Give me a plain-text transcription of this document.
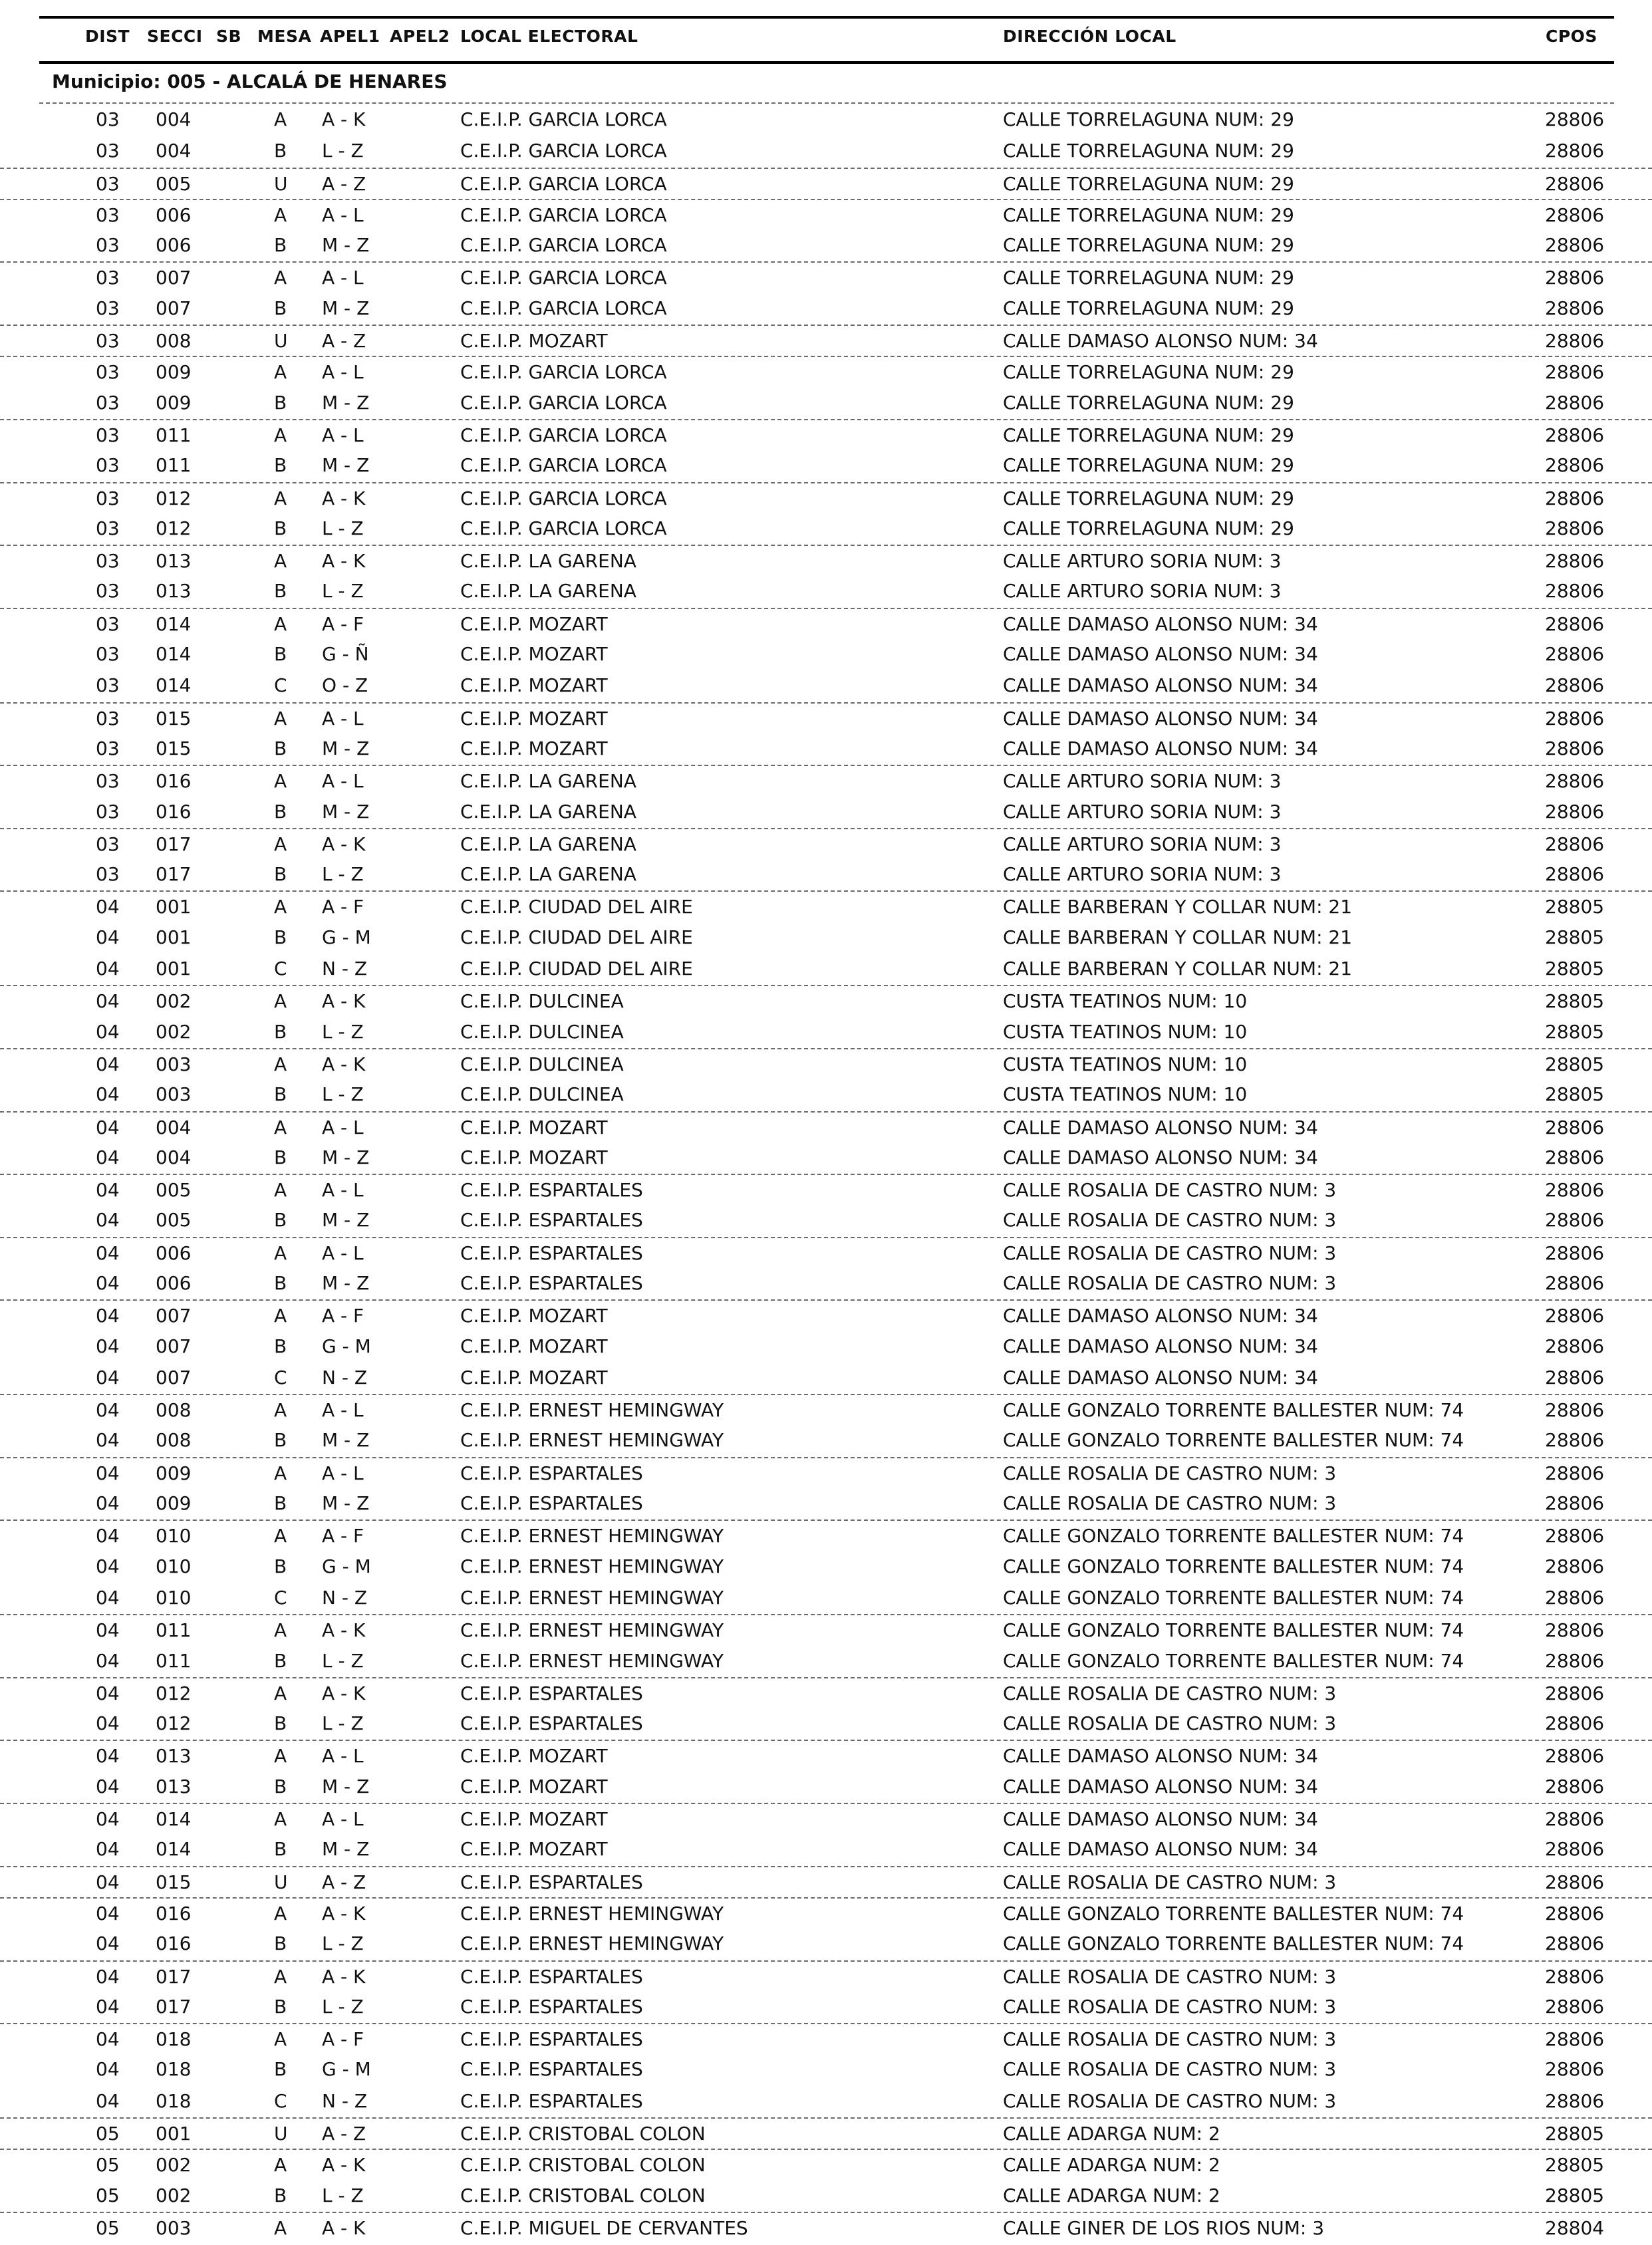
DIST SECCI SB MESA APEL1 APEL2 LOCAL ELECTORAL	DIRECCIÓN LOCAL	CPOS
Municipio: 005 - ALCALÁ DE HENARES
03 004	A A - K	C.E.I.P. GARCIA LORCA	CALLE TORRELAGUNA NUM: 29	28806
03 004	B L - Z	C.E.I.P. GARCIA LORCA	CALLE TORRELAGUNA NUM: 29	28806
03 005	U A - Z	C.E.I.P. GARCIA LORCA	CALLE TORRELAGUNA NUM: 29	28806
03 006	A A - L	C.E.I.P. GARCIA LORCA	CALLE TORRELAGUNA NUM: 29	28806
03 006	B M - Z	C.E.I.P. GARCIA LORCA	CALLE TORRELAGUNA NUM: 29	28806
03 007	A A - L	C.E.I.P. GARCIA LORCA	CALLE TORRELAGUNA NUM: 29	28806
03 007	B M - Z	C.E.I.P. GARCIA LORCA	CALLE TORRELAGUNA NUM: 29	28806
03 008	U A - Z	C.E.I.P. MOZART	CALLE DAMASO ALONSO NUM: 34	28806
03 009	A A - L	C.E.I.P. GARCIA LORCA	CALLE TORRELAGUNA NUM: 29	28806
03 009	B M - Z	C.E.I.P. GARCIA LORCA	CALLE TORRELAGUNA NUM: 29	28806
03 011	A A - L	C.E.I.P. GARCIA LORCA	CALLE TORRELAGUNA NUM: 29	28806
03 011	B M - Z	C.E.I.P. GARCIA LORCA	CALLE TORRELAGUNA NUM: 29	28806
03 012	A A - K	C.E.I.P. GARCIA LORCA	CALLE TORRELAGUNA NUM: 29	28806
03 012	B L - Z	C.E.I.P. GARCIA LORCA	CALLE TORRELAGUNA NUM: 29	28806
03 013	A A - K	C.E.I.P. LA GARENA	CALLE ARTURO SORIA NUM: 3	28806
03 013	B L - Z	C.E.I.P. LA GARENA	CALLE ARTURO SORIA NUM: 3	28806
03 014	A A - F	C.E.I.P. MOZART	CALLE DAMASO ALONSO NUM: 34	28806
03 014	B G - Ñ	C.E.I.P. MOZART	CALLE DAMASO ALONSO NUM: 34	28806
03 014	C O - Z	C.E.I.P. MOZART	CALLE DAMASO ALONSO NUM: 34	28806
03 015	A A - L	C.E.I.P. MOZART	CALLE DAMASO ALONSO NUM: 34	28806
03 015	B M - Z	C.E.I.P. MOZART	CALLE DAMASO ALONSO NUM: 34	28806
03 016	A A - L	C.E.I.P. LA GARENA	CALLE ARTURO SORIA NUM: 3	28806
03 016	B M - Z	C.E.I.P. LA GARENA	CALLE ARTURO SORIA NUM: 3	28806
03 017	A A - K	C.E.I.P. LA GARENA	CALLE ARTURO SORIA NUM: 3	28806
03 017	B L - Z	C.E.I.P. LA GARENA	CALLE ARTURO SORIA NUM: 3	28806
04 001	A A - F	C.E.I.P. CIUDAD DEL AIRE	CALLE BARBERAN Y COLLAR NUM: 21	28805
04 001	B G - M	C.E.I.P. CIUDAD DEL AIRE	CALLE BARBERAN Y COLLAR NUM: 21	28805
04 001	C N - Z	C.E.I.P. CIUDAD DEL AIRE	CALLE BARBERAN Y COLLAR NUM: 21	28805
04 002	A A - K	C.E.I.P. DULCINEA	CUSTA TEATINOS NUM: 10	28805
04 002	B L - Z	C.E.I.P. DULCINEA	CUSTA TEATINOS NUM: 10	28805
04 003	A A - K	C.E.I.P. DULCINEA	CUSTA TEATINOS NUM: 10	28805
04 003	B L - Z	C.E.I.P. DULCINEA	CUSTA TEATINOS NUM: 10	28805
04 004	A A - L	C.E.I.P. MOZART	CALLE DAMASO ALONSO NUM: 34	28806
04 004	B M - Z	C.E.I.P. MOZART	CALLE DAMASO ALONSO NUM: 34	28806
04 005	A A - L	C.E.I.P. ESPARTALES	CALLE ROSALIA DE CASTRO NUM: 3	28806
04 005	B M - Z	C.E.I.P. ESPARTALES	CALLE ROSALIA DE CASTRO NUM: 3	28806
04 006	A A - L	C.E.I.P. ESPARTALES	CALLE ROSALIA DE CASTRO NUM: 3	28806
04 006	B M - Z	C.E.I.P. ESPARTALES	CALLE ROSALIA DE CASTRO NUM: 3	28806
04 007	A A - F	C.E.I.P. MOZART	CALLE DAMASO ALONSO NUM: 34	28806
04 007	B G - M	C.E.I.P. MOZART	CALLE DAMASO ALONSO NUM: 34	28806
04 007	C N - Z	C.E.I.P. MOZART	CALLE DAMASO ALONSO NUM: 34	28806
04 008	A A - L	C.E.I.P. ERNEST HEMINGWAY	CALLE GONZALO TORRENTE BALLESTER NUM: 74	28806
04 008	B M - Z	C.E.I.P. ERNEST HEMINGWAY	CALLE GONZALO TORRENTE BALLESTER NUM: 74	28806
04 009	A A - L	C.E.I.P. ESPARTALES	CALLE ROSALIA DE CASTRO NUM: 3	28806
04 009	B M - Z	C.E.I.P. ESPARTALES	CALLE ROSALIA DE CASTRO NUM: 3	28806
04 010	A A - F	C.E.I.P. ERNEST HEMINGWAY	CALLE GONZALO TORRENTE BALLESTER NUM: 74	28806
04 010	B G - M	C.E.I.P. ERNEST HEMINGWAY	CALLE GONZALO TORRENTE BALLESTER NUM: 74	28806
04 010	C N - Z	C.E.I.P. ERNEST HEMINGWAY	CALLE GONZALO TORRENTE BALLESTER NUM: 74	28806
04 011	A A - K	C.E.I.P. ERNEST HEMINGWAY	CALLE GONZALO TORRENTE BALLESTER NUM: 74	28806
04 011	B L - Z	C.E.I.P. ERNEST HEMINGWAY	CALLE GONZALO TORRENTE BALLESTER NUM: 74	28806
04 012	A A - K	C.E.I.P. ESPARTALES	CALLE ROSALIA DE CASTRO NUM: 3	28806
04 012	B L - Z	C.E.I.P. ESPARTALES	CALLE ROSALIA DE CASTRO NUM: 3	28806
04 013	A A - L	C.E.I.P. MOZART	CALLE DAMASO ALONSO NUM: 34	28806
04 013	B M - Z	C.E.I.P. MOZART	CALLE DAMASO ALONSO NUM: 34	28806
04 014	A A - L	C.E.I.P. MOZART	CALLE DAMASO ALONSO NUM: 34	28806
04 014	B M - Z	C.E.I.P. MOZART	CALLE DAMASO ALONSO NUM: 34	28806
04 015	U A - Z	C.E.I.P. ESPARTALES	CALLE ROSALIA DE CASTRO NUM: 3	28806
04 016	A A - K	C.E.I.P. ERNEST HEMINGWAY	CALLE GONZALO TORRENTE BALLESTER NUM: 74	28806
04 016	B L - Z	C.E.I.P. ERNEST HEMINGWAY	CALLE GONZALO TORRENTE BALLESTER NUM: 74	28806
04 017	A A - K	C.E.I.P. ESPARTALES	CALLE ROSALIA DE CASTRO NUM: 3	28806
04 017	B L - Z	C.E.I.P. ESPARTALES	CALLE ROSALIA DE CASTRO NUM: 3	28806
04 018	A A - F	C.E.I.P. ESPARTALES	CALLE ROSALIA DE CASTRO NUM: 3	28806
04 018	B G - M	C.E.I.P. ESPARTALES	CALLE ROSALIA DE CASTRO NUM: 3	28806
04 018	C N - Z	C.E.I.P. ESPARTALES	CALLE ROSALIA DE CASTRO NUM: 3	28806
05 001	U A - Z	C.E.I.P. CRISTOBAL COLON	CALLE ADARGA NUM: 2	28805
05 002	A A - K	C.E.I.P. CRISTOBAL COLON	CALLE ADARGA NUM: 2	28805
05 002	B L - Z	C.E.I.P. CRISTOBAL COLON	CALLE ADARGA NUM: 2	28805
05 003	A A - K	C.E.I.P. MIGUEL DE CERVANTES	CALLE GINER DE LOS RIOS NUM: 3	28804
